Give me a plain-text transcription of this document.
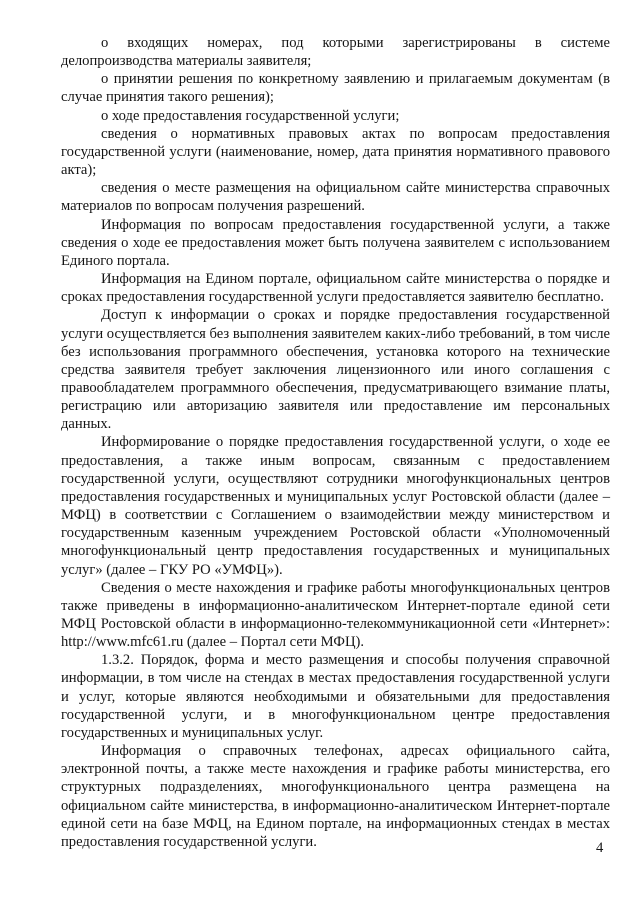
о входящих номерах, под которыми зарегистрированы в системе делопроизводства материалы заявителя;

о принятии решения по конкретному заявлению и прилагаемым документам (в случае принятия такого решения);

о ходе предоставления государственной услуги;

сведения о нормативных правовых актах по вопросам предоставления государственной услуги (наименование, номер, дата принятия нормативного правового акта);

сведения о месте размещения на официальном сайте министерства справочных материалов по вопросам получения разрешений.

Информация по вопросам предоставления государственной услуги, а также сведения о ходе ее предоставления может быть получена заявителем с использованием Единого портала.

Информация на Едином портале, официальном сайте министерства о порядке и сроках предоставления государственной услуги предоставляется заявителю бесплатно.

Доступ к информации о сроках и порядке предоставления государственной услуги осуществляется без выполнения заявителем каких-либо требований, в том числе без использования программного обеспечения, установка которого на технические средства заявителя требует заключения лицензионного или иного соглашения с правообладателем программного обеспечения, предусматривающего взимание платы, регистрацию или авторизацию заявителя или предоставление им персональных данных.

Информирование о порядке предоставления государственной услуги, о ходе ее предоставления, а также иным вопросам, связанным с предоставлением государственной услуги, осуществляют сотрудники многофункциональных центров предоставления государственных и муниципальных услуг Ростовской области (далее – МФЦ) в соответствии с Соглашением о взаимодействии между министерством и государственным казенным учреждением Ростовской области «Уполномоченный многофункциональный центр предоставления государственных и муниципальных услуг» (далее – ГКУ РО «УМФЦ»).

Сведения о месте нахождения и графике работы многофункциональных центров также приведены в информационно-аналитическом Интернет-портале единой сети МФЦ Ростовской области в информационно-телекоммуникационной сети «Интернет»: http://www.mfc61.ru (далее – Портал сети МФЦ).

1.3.2. Порядок, форма и место размещения и способы получения справочной информации, в том числе на стендах в местах предоставления государственной услуги и услуг, которые являются необходимыми и обязательными для предоставления государственной услуги, и в многофункциональном центре предоставления государственных и муниципальных услуг.

Информация о справочных телефонах, адресах официального сайта, электронной почты, а также месте нахождения и графике работы министерства, его структурных подразделениях, многофункционального центра размещена на официальном сайте министерства, в информационно-аналитическом Интернет-портале единой сети на базе МФЦ, на Едином портале, на информационных стендах в местах предоставления государственной услуги.	4
